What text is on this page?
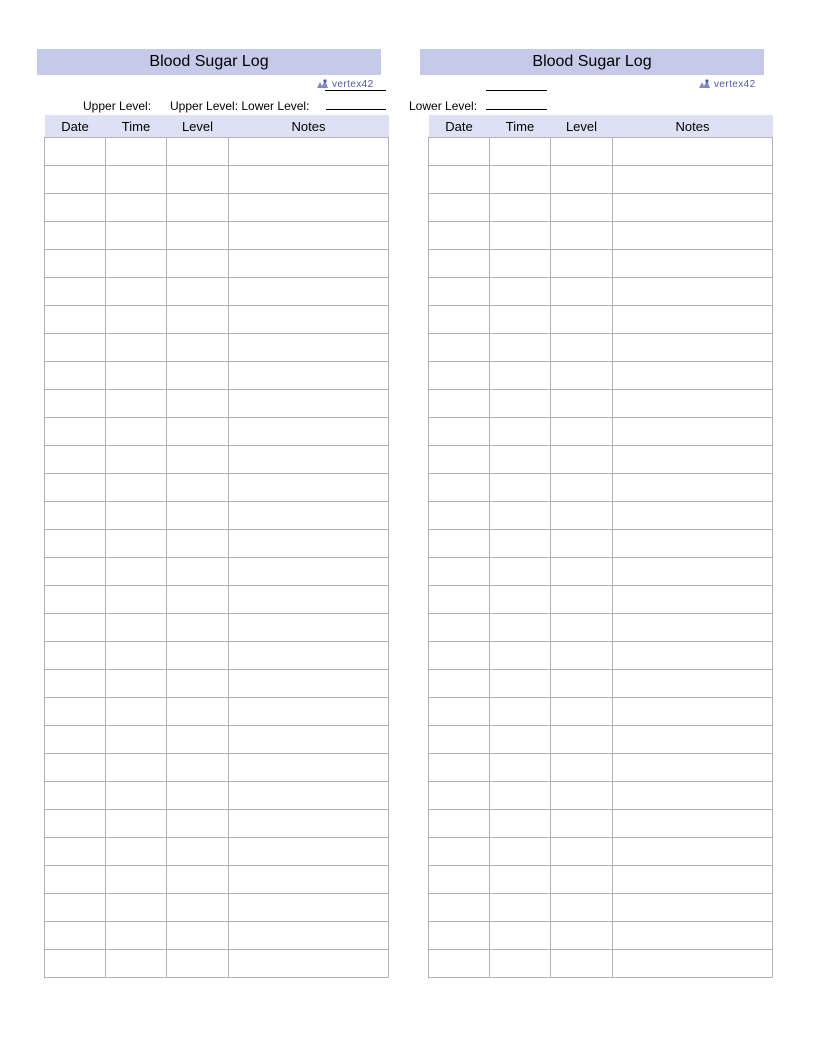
Blood Sugar Log
vertex42
Upper Level: Upper Level: Lower Level:
Date	Time	Level	Notes

Blood Sugar Log
vertex42
Lower Level:
Date	Time	Level	Notes
